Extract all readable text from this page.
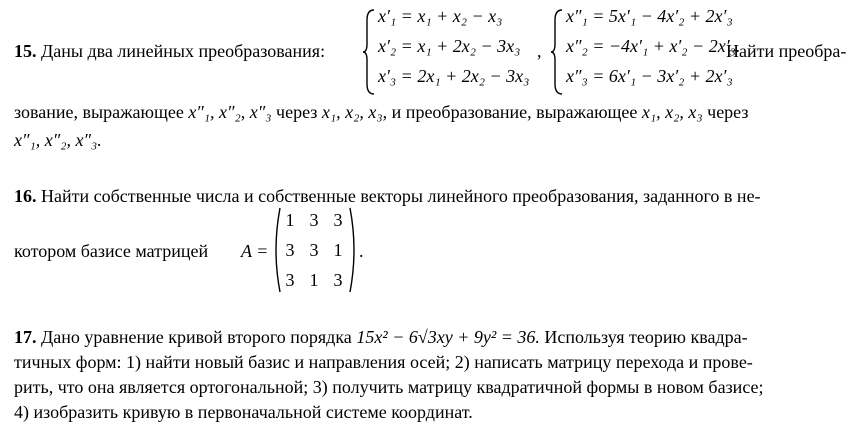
15. Даны два линейных преобразования:
x′₁ = x₁ + x₂ − x₃
x′₂ = x₁ + 2x₂ − 3x₃
x′₃ = 2x₁ + 2x₂ − 3x₃
,
x″₁ = 5x′₁ − 4x′₂ + 2x′₃
x″₂ = −4x′₁ + x′₂ − 2x′₃.
x″₃ = 6x′₁ − 3x′₂ + 2x′₃
Найти преобра-
зование, выражающее x″₁, x″₂, x″₃ через x₁, x₂, x₃, и преобразование, выражающее x₁, x₂, x₃ через
x″₁, x″₂, x″₃.
16. Найти собственные числа и собственные векторы линейного преобразования, заданного в не-
котором базисе матрицей A =
1 3 3
3 3 1
3 1 3
.
17. Дано уравнение кривой второго порядка 15x² − 6√3xy + 9y² = 36. Используя теорию квадра-
тичных форм: 1) найти новый базис и направления осей; 2) написать матрицу перехода и прове-
рить, что она является ортогональной; 3) получить матрицу квадратичной формы в новом базисе;
4) изобразить кривую в первоначальной системе координат.
